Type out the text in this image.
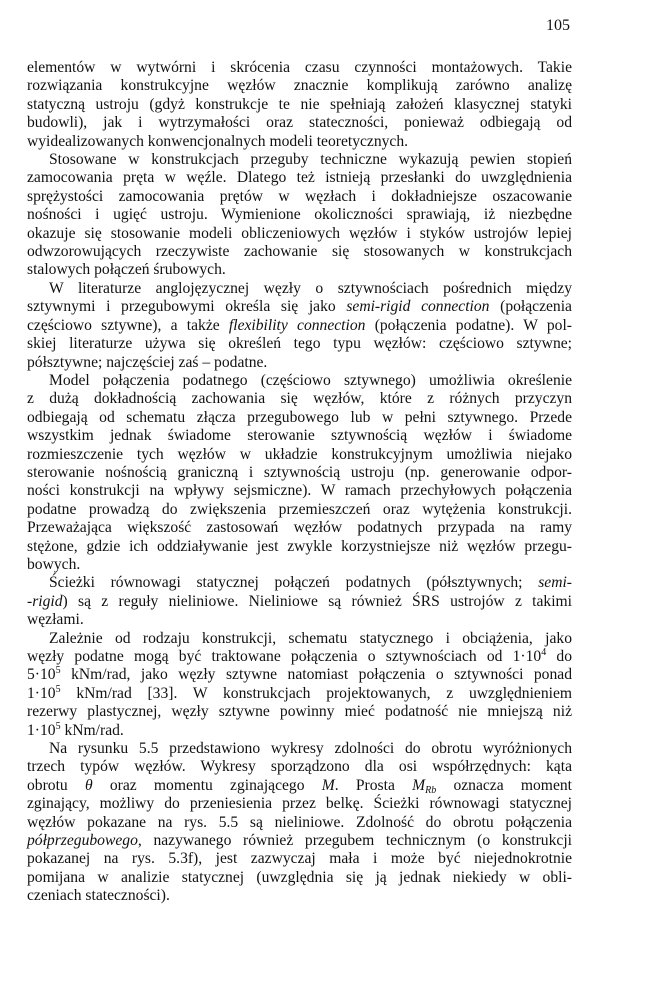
105
elementów w wytwórni i skrócenia czasu czynności montażowych. Takie
rozwiązania konstrukcyjne węzłów znacznie komplikują zarówno analizę
statyczną ustroju (gdyż konstrukcje te nie spełniają założeń klasycznej statyki
budowli), jak i wytrzymałości oraz stateczności, ponieważ odbiegają od
wyidealizowanych konwencjonalnych modeli teoretycznych.
Stosowane w konstrukcjach przeguby techniczne wykazują pewien stopień
zamocowania pręta w węźle. Dlatego też istnieją przesłanki do uwzględnienia
sprężystości zamocowania prętów w węzłach i dokładniejsze oszacowanie
nośności i ugięć ustroju. Wymienione okoliczności sprawiają, iż niezbędne
okazuje się stosowanie modeli obliczeniowych węzłów i styków ustrojów lepiej
odwzorowujących rzeczywiste zachowanie się stosowanych w konstrukcjach
stalowych połączeń śrubowych.
W literaturze anglojęzycznej węzły o sztywnościach pośrednich między
sztywnymi i przegubowymi określa się jako semi-rigid connection (połączenia
częściowo sztywne), a także flexibility connection (połączenia podatne). W pol-
skiej literaturze używa się określeń tego typu węzłów: częściowo sztywne;
półsztywne; najczęściej zaś – podatne.
Model połączenia podatnego (częściowo sztywnego) umożliwia określenie
z dużą dokładnością zachowania się węzłów, które z różnych przyczyn
odbiegają od schematu złącza przegubowego lub w pełni sztywnego. Przede
wszystkim jednak świadome sterowanie sztywnością węzłów i świadome
rozmieszczenie tych węzłów w układzie konstrukcyjnym umożliwia niejako
sterowanie nośnością graniczną i sztywnością ustroju (np. generowanie odpor-
ności konstrukcji na wpływy sejsmiczne). W ramach przechyłowych połączenia
podatne prowadzą do zwiększenia przemieszczeń oraz wytężenia konstrukcji.
Przeważająca większość zastosowań węzłów podatnych przypada na ramy
stężone, gdzie ich oddziaływanie jest zwykle korzystniejsze niż węzłów przegu-
bowych.
Ścieżki równowagi statycznej połączeń podatnych (półsztywnych; semi-
-rigid) są z reguły nieliniowe. Nieliniowe są również ŚRS ustrojów z takimi
węzłami.
Zależnie od rodzaju konstrukcji, schematu statycznego i obciążenia, jako
węzły podatne mogą być traktowane połączenia o sztywnościach od $1\cdot 10^4$ do
$5\cdot 10^5$ kNm/rad, jako węzły sztywne natomiast połączenia o sztywności ponad
$1\cdot 10^5$ kNm/rad [33]. W konstrukcjach projektowanych, z uwzględnieniem
rezerwy plastycznej, węzły sztywne powinny mieć podatność nie mniejszą niż
$1\cdot 10^5$ kNm/rad.
Na rysunku 5.5 przedstawiono wykresy zdolności do obrotu wyróżnionych
trzech typów węzłów. Wykresy sporządzono dla osi współrzędnych: kąta
obrotu θ oraz momentu zginającego M. Prosta $M_{Rb}$ oznacza moment
zginający, możliwy do przeniesienia przez belkę. Ścieżki równowagi statycznej
węzłów pokazane na rys. 5.5 są nieliniowe. Zdolność do obrotu połączenia
półprzegubowego, nazywanego również przegubem technicznym (o konstrukcji
pokazanej na rys. 5.3f), jest zazwyczaj mała i może być niejednokrotnie
pomijana w analizie statycznej (uwzględnia się ją jednak niekiedy w obli-
czeniach stateczności).
